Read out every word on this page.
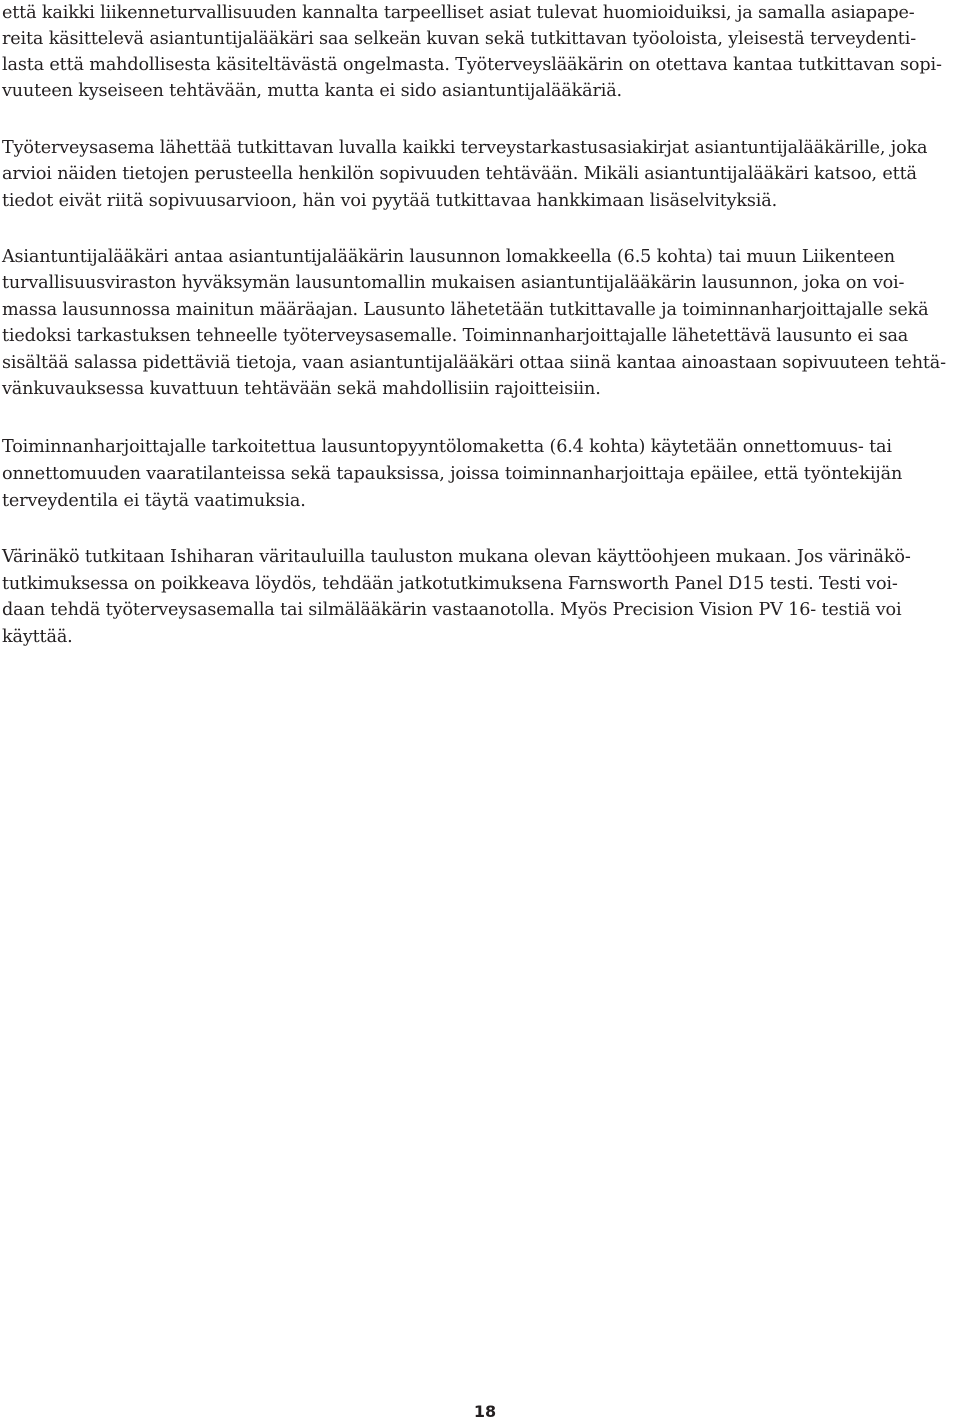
että kaikki liikenneturvallisuuden kannalta tarpeelliset asiat tulevat huomioiduiksi, ja samalla asiapape-
reita käsittelevä asiantuntijalääkäri saa selkeän kuvan sekä tutkittavan työoloista, yleisestä terveydenti-
lasta että mahdollisesta käsiteltävästä ongelmasta. Työterveyslääkärin on otettava kantaa tutkittavan sopi-
vuuteen kyseiseen tehtävään, mutta kanta ei sido asiantuntijalääkäriä.
Työterveysasema lähettää tutkittavan luvalla kaikki terveystarkastusasiakirjat asiantuntijalääkärille, joka
arvioi näiden tietojen perusteella henkilön sopivuuden tehtävään. Mikäli asiantuntijalääkäri katsoo, että
tiedot eivät riitä sopivuusarvioon, hän voi pyytää tutkittavaa hankkimaan lisäselvityksiä.
Asiantuntijalääkäri antaa asiantuntijalääkärin lausunnon lomakkeella (6.5 kohta) tai muun Liikenteen
turvallisuusviraston hyväksymän lausuntomallin mukaisen asiantuntijalääkärin lausunnon, joka on voi-
massa lausunnossa mainitun määräajan. Lausunto lähetetään tutkittavalle ja toiminnanharjoittajalle sekä
tiedoksi tarkastuksen tehneelle työterveysasemalle. Toiminnanharjoittajalle lähetettävä lausunto ei saa
sisältää salassa pidettäviä tietoja, vaan asiantuntijalääkäri ottaa siinä kantaa ainoastaan sopivuuteen tehtä-
vänkuvauksessa kuvattuun tehtävään sekä mahdollisiin rajoitteisiin.
Toiminnanharjoittajalle tarkoitettua lausuntopyyntölomaketta (6.4 kohta) käytetään onnettomuus- tai
onnettomuuden vaaratilanteissa sekä tapauksissa, joissa toiminnanharjoittaja epäilee, että työntekijän
terveydentila ei täytä vaatimuksia.
Värinäkö tutkitaan Ishiharan väritauluilla tauluston mukana olevan käyttöohjeen mukaan. Jos värinäkö-
tutkimuksessa on poikkeava löydös, tehdään jatkotutkimuksena Farnsworth Panel D15 testi. Testi voi-
daan tehdä työterveysasemalla tai silmälääkärin vastaanotolla. Myös Precision Vision PV 16- testiä voi
käyttää.
18
